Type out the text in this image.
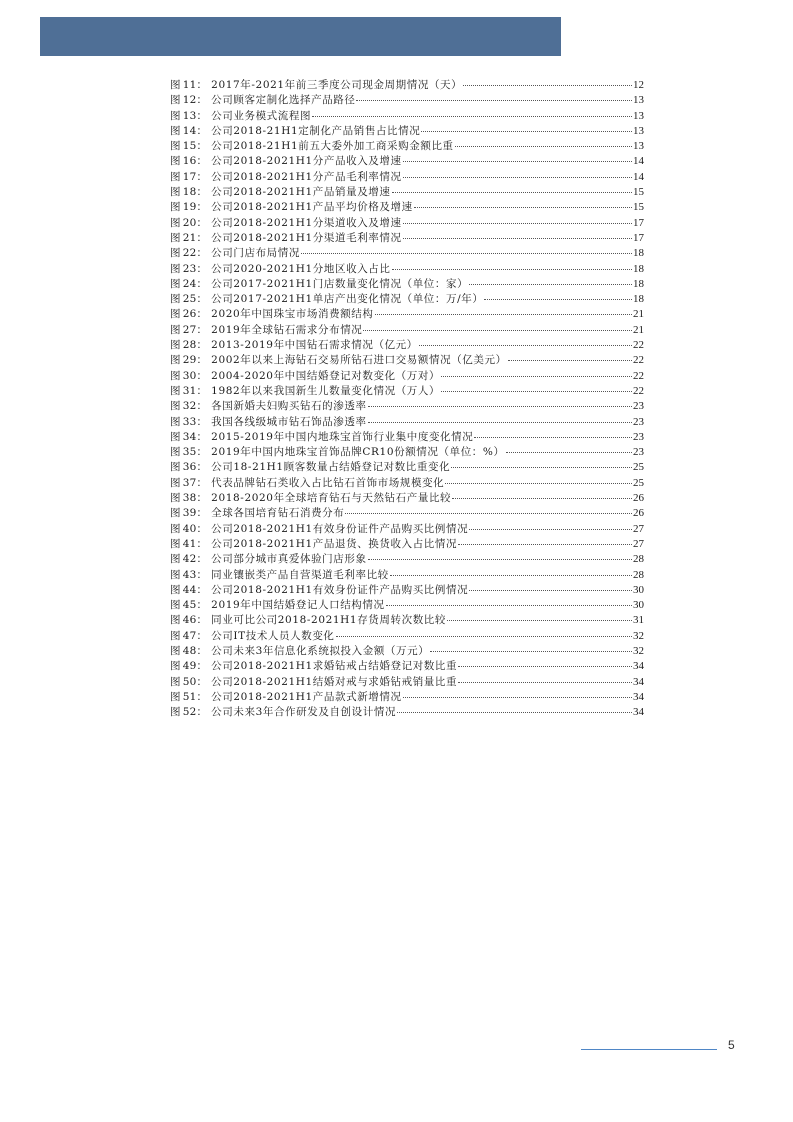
图 11： 2017年-2021年前三季度公司现金周期情况（天）	12
图 12： 公司顾客定制化选择产品路径	13
图 13： 公司业务模式流程图	13
图 14： 公司2018-21H1定制化产品销售占比情况	13
图 15： 公司2018-21H1前五大委外加工商采购金额比重	13
图 16： 公司2018-2021H1分产品收入及增速	14
图 17： 公司2018-2021H1分产品毛利率情况	14
图 18： 公司2018-2021H1产品销量及增速	15
图 19： 公司2018-2021H1产品平均价格及增速	15
图 20： 公司2018-2021H1分渠道收入及增速	17
图 21： 公司2018-2021H1分渠道毛利率情况	17
图 22： 公司门店布局情况	18
图 23： 公司2020-2021H1分地区收入占比	18
图 24： 公司2017-2021H1门店数量变化情况（单位：家）	18
图 25： 公司2017-2021H1单店产出变化情况（单位：万/年）	18
图 26： 2020年中国珠宝市场消费额结构	21
图 27： 2019年全球钻石需求分布情况	21
图 28： 2013-2019年中国钻石需求情况（亿元）	22
图 29： 2002年以来上海钻石交易所钻石进口交易额情况（亿美元）	22
图 30： 2004-2020年中国结婚登记对数变化（万对）	22
图 31： 1982年以来我国新生儿数量变化情况（万人）	22
图 32： 各国新婚夫妇购买钻石的渗透率	23
图 33： 我国各线级城市钻石饰品渗透率	23
图 34： 2015-2019年中国内地珠宝首饰行业集中度变化情况	23
图 35： 2019年中国内地珠宝首饰品牌CR10份额情况（单位：%）	23
图 36： 公司18-21H1顾客数量占结婚登记对数比重变化	25
图 37： 代表品牌钻石类收入占比钻石首饰市场规模变化	25
图 38： 2018-2020年全球培育钻石与天然钻石产量比较	26
图 39： 全球各国培育钻石消费分布	26
图 40： 公司2018-2021H1有效身份证件产品购买比例情况	27
图 41： 公司2018-2021H1产品退货、换货收入占比情况	27
图 42： 公司部分城市真爱体验门店形象	28
图 43： 同业镶嵌类产品自营渠道毛利率比较	28
图 44： 公司2018-2021H1有效身份证件产品购买比例情况	30
图 45： 2019年中国结婚登记人口结构情况	30
图 46： 同业可比公司2018-2021H1存货周转次数比较	31
图 47： 公司IT技术人员人数变化	32
图 48： 公司未来3年信息化系统拟投入金额（万元）	32
图 49： 公司2018-2021H1求婚钻戒占结婚登记对数比重	34
图 50： 公司2018-2021H1结婚对戒与求婚钻戒销量比重	34
图 51： 公司2018-2021H1产品款式新增情况	34
图 52： 公司未来3年合作研发及自创设计情况	34
5
